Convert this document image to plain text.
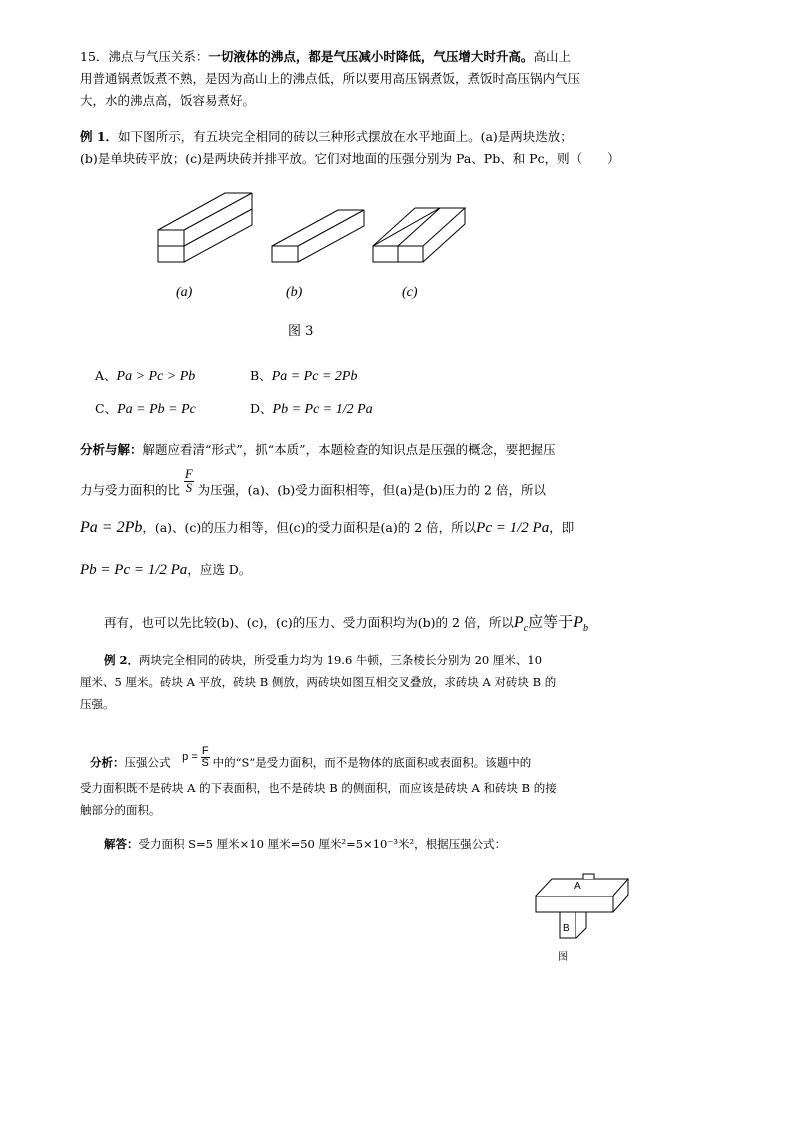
15．沸点与气压关系：一切液体的沸点，都是气压减小时降低，气压增大时升高。高山上
用普通锅煮饭煮不熟，是因为高山上的沸点低，所以要用高压锅煮饭，煮饭时高压锅内气压
大，水的沸点高，饭容易煮好。
例 1．如下图所示，有五块完全相同的砖以三种形式摆放在水平地面上。(a)是两块迭放；
(b)是单块砖平放；(c)是两块砖并排平放。它们对地面的压强分别为 Pa、Pb、和 Pc，则（　　）
(a)	(b)	(c)
图 3
A、Pa > Pc > Pb	B、Pa = Pc = 2Pb
C、Pa = Pb = Pc	D、Pb = Pc = 1/2 Pa
分析与解：解题应看清“形式”，抓“本质”，本题检查的知识点是压强的概念，要把握压
力与受力面积的比 $\frac{F}{S}$ 为压强，(a)、(b)受力面积相等，但(a)是(b)压力的 2 倍，所以
Pa = 2Pb，(a)、(c)的压力相等，但(c)的受力面积是(a)的 2 倍，所以Pc = 1/2 Pa，即
Pb = Pc = 1/2 Pa，应选 D。
再有，也可以先比较(b)、(c)，(c)的压力、受力面积均为(b)的 2 倍，所以$P_c$应等于$P_b$
例 2．两块完全相同的砖块，所受重力均为 19.6 牛顿，三条棱长分别为 20 厘米、10
厘米、5 厘米。砖块 A 平放，砖块 B 侧放，两砖块如图互相交叉叠放，求砖块 A 对砖块 B 的
压强。
分析：压强公式 $p = \frac{F}{S}$ 中的“S”是受力面积，而不是物体的底面积或表面积。该题中的
受力面积既不是砖块 A 的下表面积，也不是砖块 B 的侧面积，而应该是砖块 A 和砖块 B 的接
触部分的面积。
解答：受力面积 S=5 厘米×10 厘米=50 厘米²=5×10⁻³米²，根据压强公式：
A
B
图
